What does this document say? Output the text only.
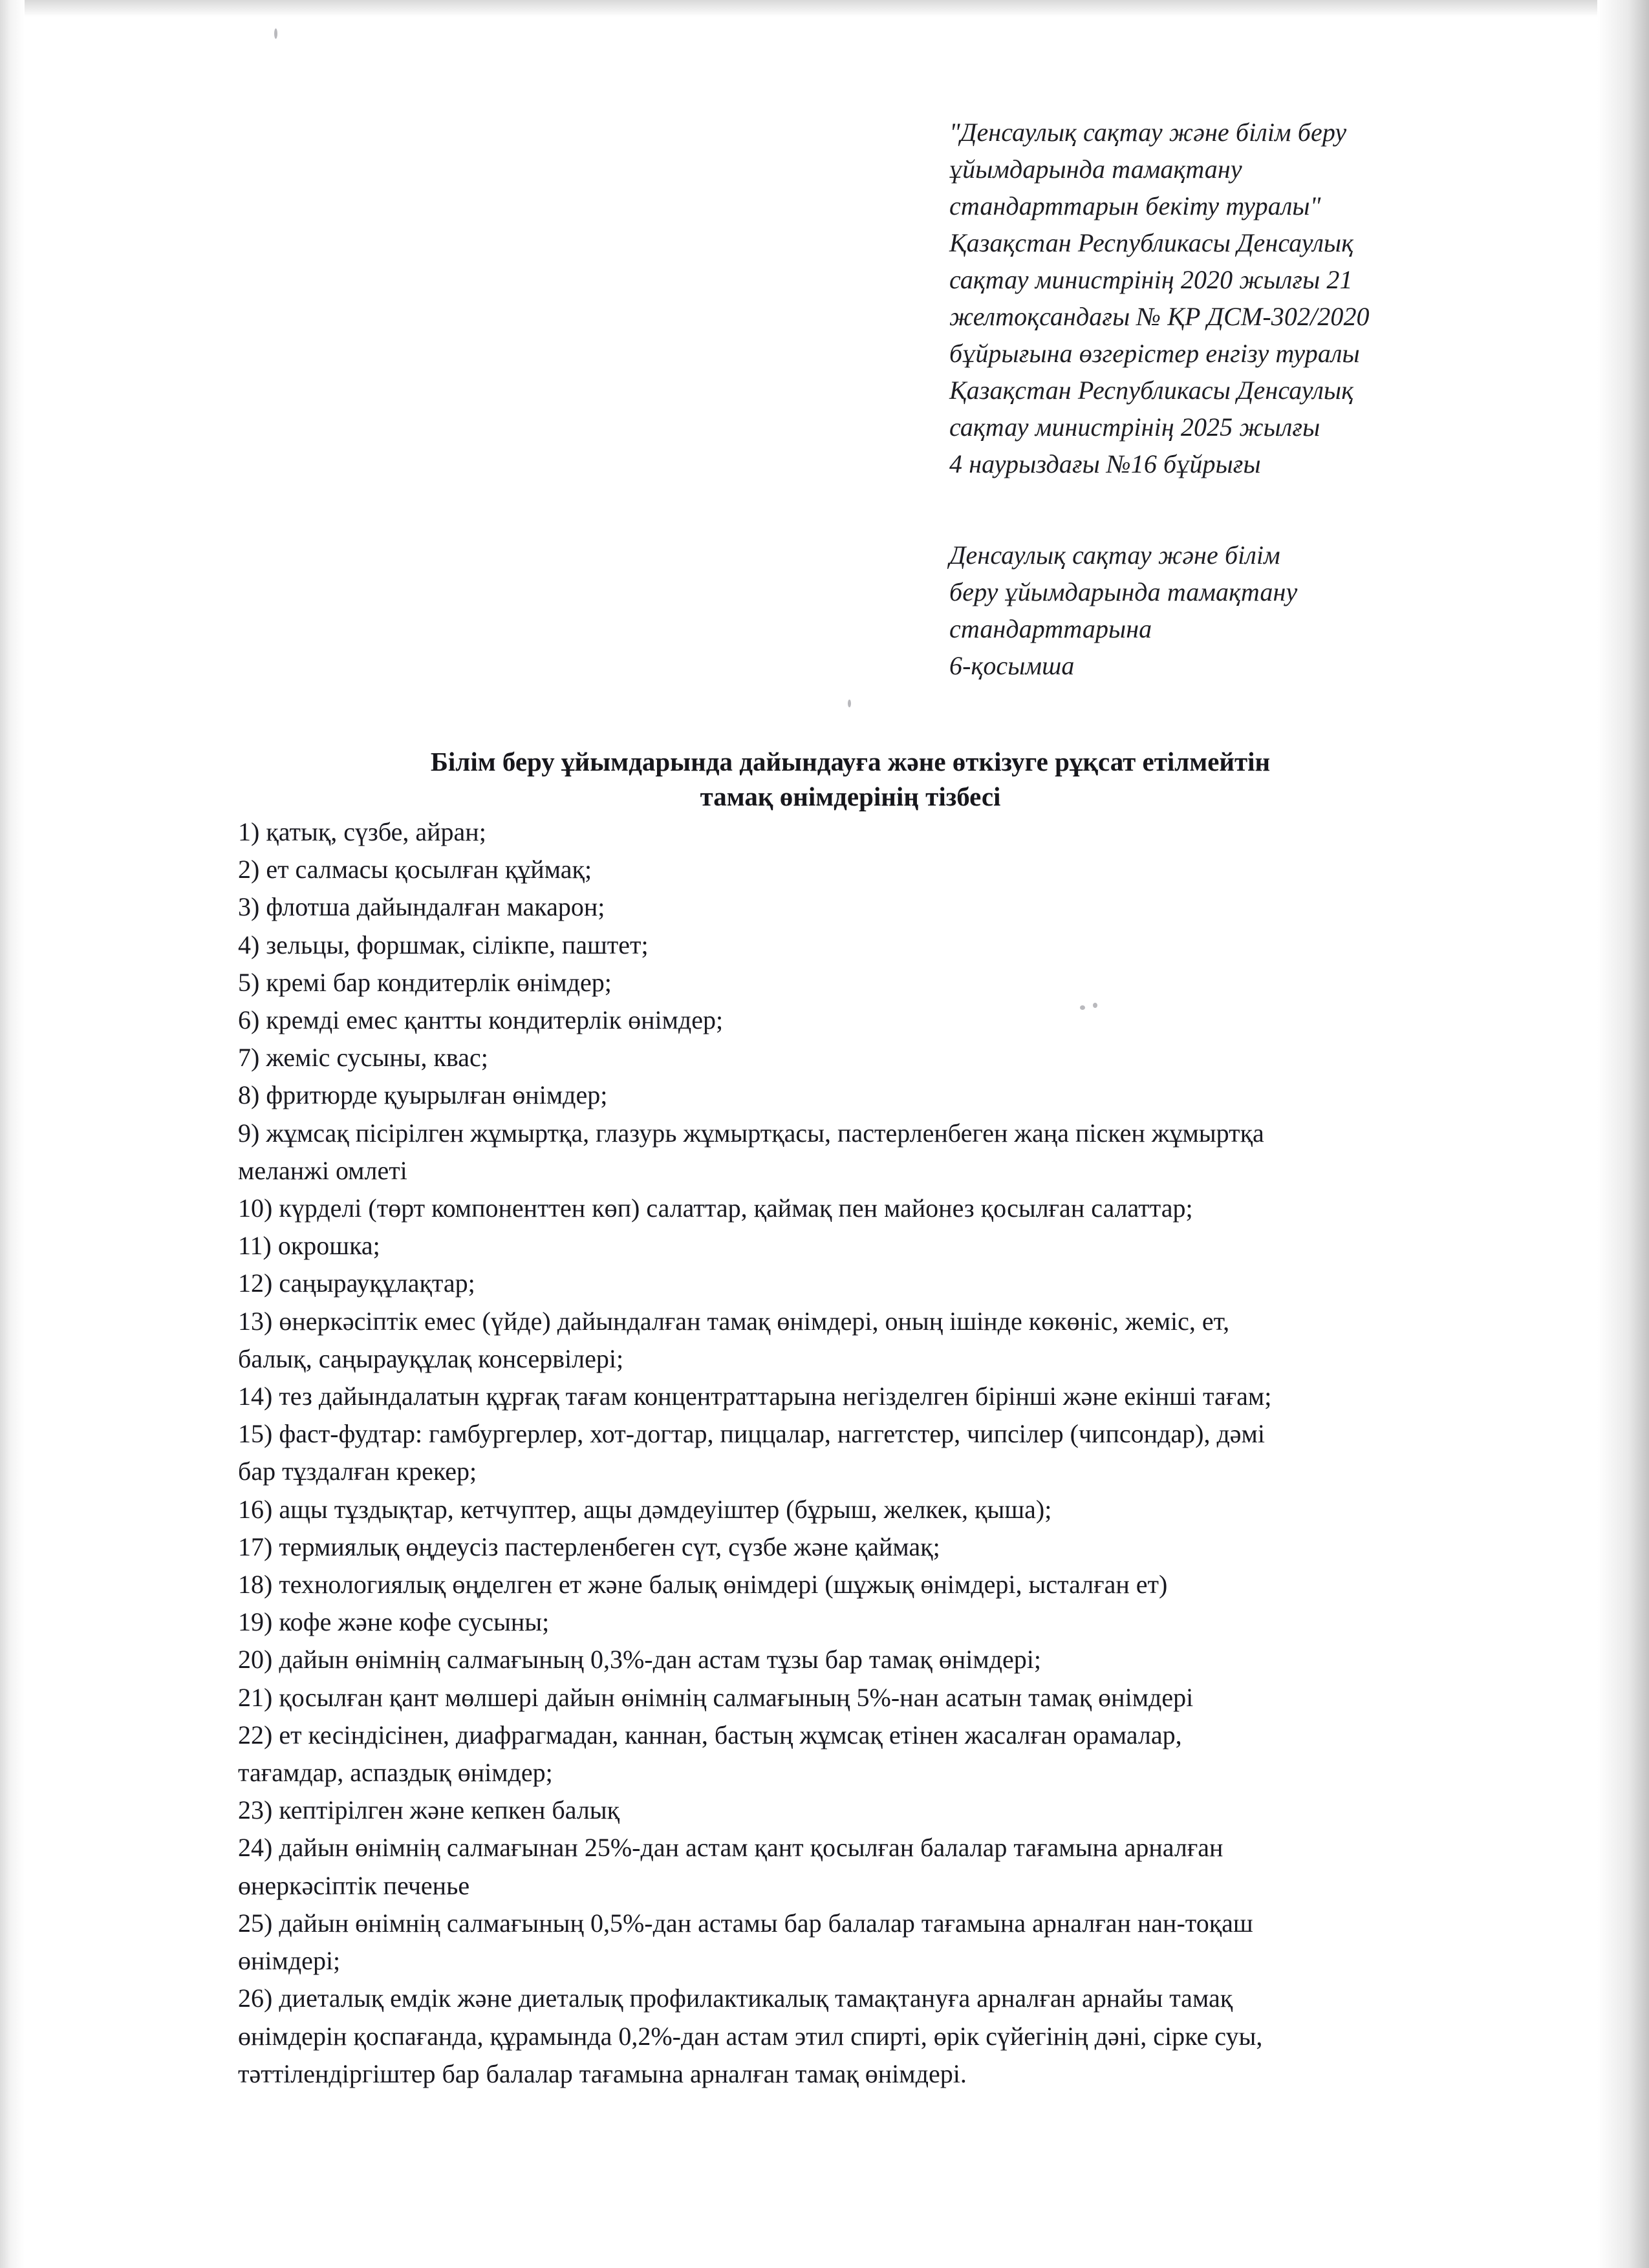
"Денсаулық сақтау және білім беру
ұйымдарында тамақтану
стандарттарын бекіту туралы"
Қазақстан Республикасы Денсаулық
сақтау министрінің 2020 жылғы 21
желтоқсандағы № ҚР ДСМ-302/2020
бұйрығына өзгерістер енгізу туралы
Қазақстан Республикасы Денсаулық
сақтау министрінің 2025 жылғы
4 наурыздағы №16 бұйрығы
Денсаулық сақтау және білім
беру ұйымдарында тамақтану
стандарттарына
6-қосымша
Білім беру ұйымдарында дайындауға және өткізуге рұқсат етілмейтін
тамақ өнімдерінің тізбесі
1) қатық, сүзбе, айран;
2) ет салмасы қосылған құймақ;
3) флотша дайындалған макарон;
4) зельцы, форшмак, сілікпе, паштет;
5) кремі бар кондитерлік өнімдер;
6) кремді емес қантты кондитерлік өнімдер;
7) жеміс сусыны, квас;
8) фритюрде қуырылған өнімдер;
9) жұмсақ пісірілген жұмыртқа, глазурь жұмыртқасы, пастерленбеген жаңа піскен жұмыртқа
меланжі омлеті
10) күрделі (төрт компоненттен көп) салаттар, қаймақ пен майонез қосылған салаттар;
11) окрошка;
12) саңырауқұлақтар;
13) өнеркәсіптік емес (үйде) дайындалған тамақ өнімдері, оның ішінде көкөніс, жеміс, ет,
балық, саңырауқұлақ консервілері;
14) тез дайындалатын құрғақ тағам концентраттарына негізделген бірінші және екінші тағам;
15) фаст-фудтар: гамбургерлер, хот-догтар, пиццалар, наггетстер, чипсілер (чипсондар), дәмі
бар тұздалған крекер;
16) ащы тұздықтар, кетчуптер, ащы дәмдеуіштер (бұрыш, желкек, қыша);
17) термиялық өңдеусіз пастерленбеген сүт, сүзбе және қаймақ;
18) технологиялық өңделген ет және балық өнімдері (шұжық өнімдері, ысталған ет)
19) кофе және кофе сусыны;
20) дайын өнімнің салмағының 0,3%-дан астам тұзы бар тамақ өнімдері;
21) қосылған қант мөлшері дайын өнімнің салмағының 5%-нан асатын тамақ өнімдері
22) ет кесіндісінен, диафрагмадан, каннан, бастың жұмсақ етінен жасалған орамалар,
тағамдар, аспаздық өнімдер;
23) кептірілген және кепкен балық
24) дайын өнімнің салмағынан 25%-дан астам қант қосылған балалар тағамына арналған
өнеркәсіптік печенье
25) дайын өнімнің салмағының 0,5%-дан астамы бар балалар тағамына арналған нан-тоқаш
өнімдері;
26) диеталық емдік және диеталық профилактикалық тамақтануға арналған арнайы тамақ
өнімдерін қоспағанда, құрамында 0,2%-дан астам этил спирті, өрік сүйегінің дәні, сірке суы,
тәттілендіргіштер бар балалар тағамына арналған тамақ өнімдері.
